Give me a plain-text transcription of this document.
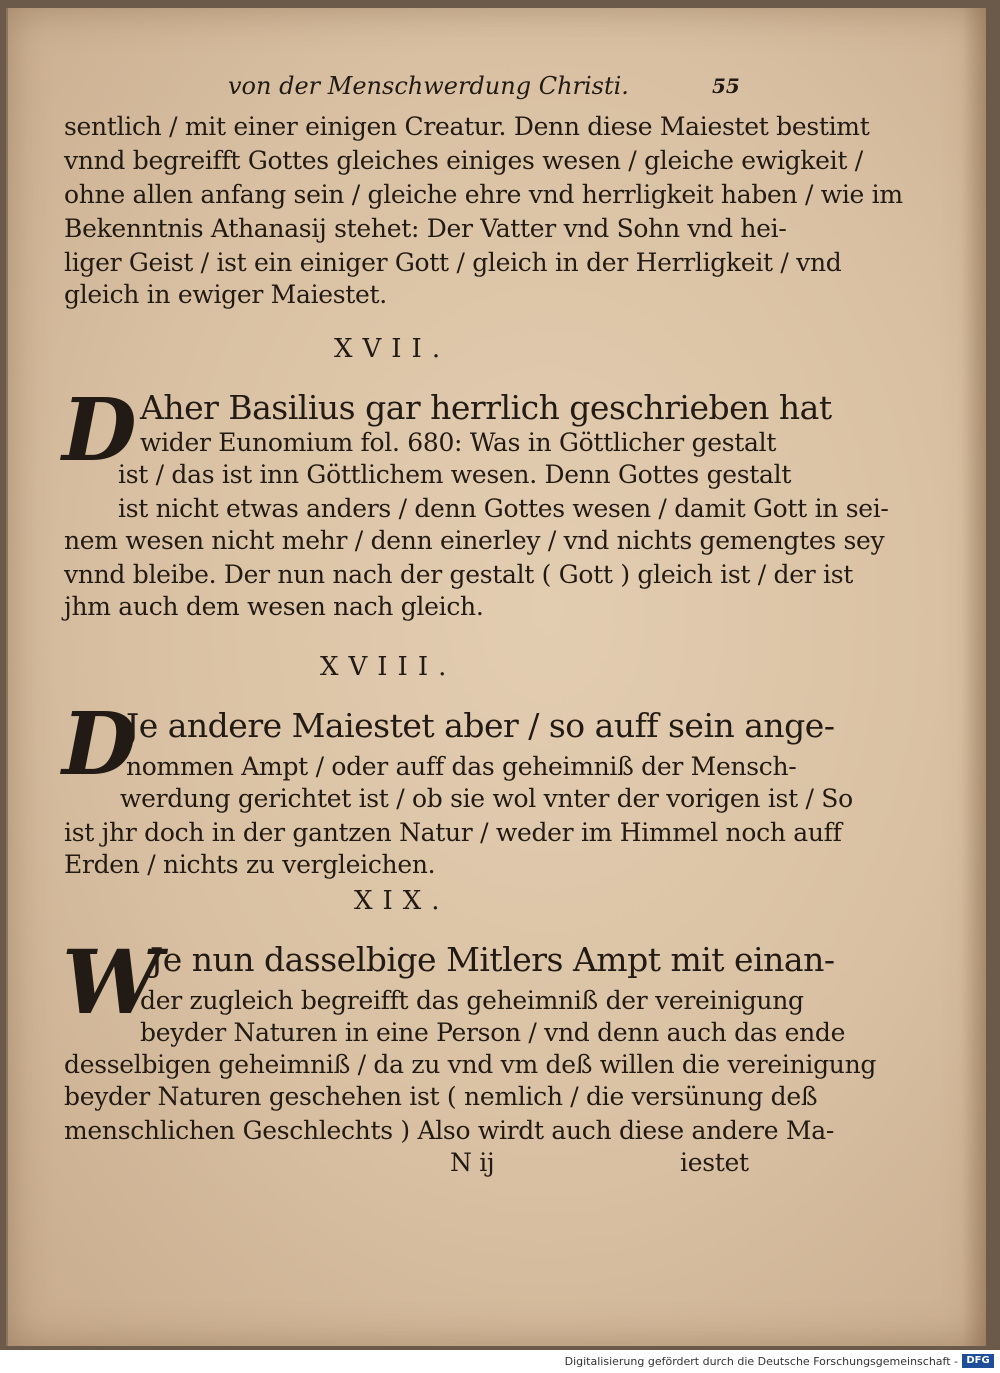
von der Menschwerdung Christi.	55
sentlich / mit einer einigen Creatur. Denn diese Maiestet bestimt
vnnd begreifft Gottes gleiches einiges wesen / gleiche ewigkeit /
ohne allen anfang sein / gleiche ehre vnd herrligkeit haben / wie im
Bekenntnis Athanasij stehet: Der Vatter vnd Sohn vnd hei-
liger Geist / ist ein einiger Gott / gleich in der Herrligkeit / vnd
gleich in ewiger Maiestet.
XVII.
D Aher Basilius gar herrlich geschrieben hat
wider Eunomium fol. 680: Was in Göttlicher gestalt
ist / das ist inn Göttlichem wesen. Denn Gottes gestalt
ist nicht etwas anders / denn Gottes wesen / damit Gott in sei-
nem wesen nicht mehr / denn einerley / vnd nichts gemengtes sey
vnnd bleibe. Der nun nach der gestalt ( Gott ) gleich ist / der ist
jhm auch dem wesen nach gleich.
XVIII.
D
Je andere Maiestet aber / so auff sein ange-
nommen Ampt / oder auff das geheimniß der Mensch-
werdung gerichtet ist / ob sie wol vnter der vorigen ist / So
ist jhr doch in der gantzen Natur / weder im Himmel noch auff
Erden / nichts zu vergleichen.
XIX.
W
Je nun dasselbige Mitlers Ampt mit einan-
der zugleich begreifft das geheimniß der vereinigung
beyder Naturen in eine Person / vnd denn auch das ende
desselbigen geheimniß / da zu vnd vm deß willen die vereinigung
beyder Naturen geschehen ist ( nemlich / die versünung deß
menschlichen Geschlechts ) Also wirdt auch diese andere Ma-
N ij	iestet
Digitalisierung gefördert durch die Deutsche Forschungsgemeinschaft - DFG
